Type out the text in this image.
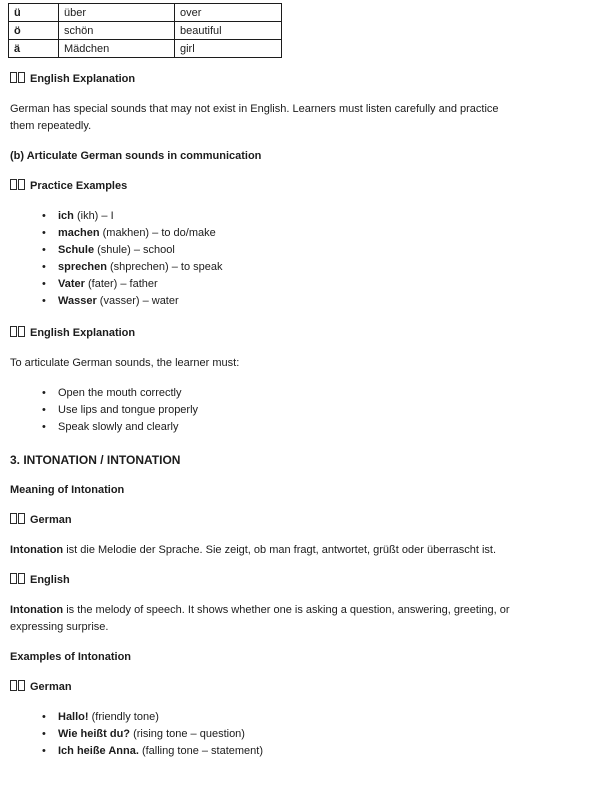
ü	über	over
ö	schön	beautiful
ä	Mädchen	girl
English Explanation
German has special sounds that may not exist in English. Learners must listen carefully and practice
them repeatedly.
(b) Articulate German sounds in communication
Practice Examples
• ich (ikh) – I
• machen (makhen) – to do/make
• Schule (shule) – school
• sprechen (shprechen) – to speak
• Vater (fater) – father
• Wasser (vasser) – water
English Explanation
To articulate German sounds, the learner must:
• Open the mouth correctly
• Use lips and tongue properly
• Speak slowly and clearly
3. INTONATION / INTONATION
Meaning of Intonation
German
Intonation ist die Melodie der Sprache. Sie zeigt, ob man fragt, antwortet, grüßt oder überrascht ist.
English
Intonation is the melody of speech. It shows whether one is asking a question, answering, greeting, or
expressing surprise.
Examples of Intonation
German
• Hallo! (friendly tone)
• Wie heißt du? (rising tone – question)
• Ich heiße Anna. (falling tone – statement)
